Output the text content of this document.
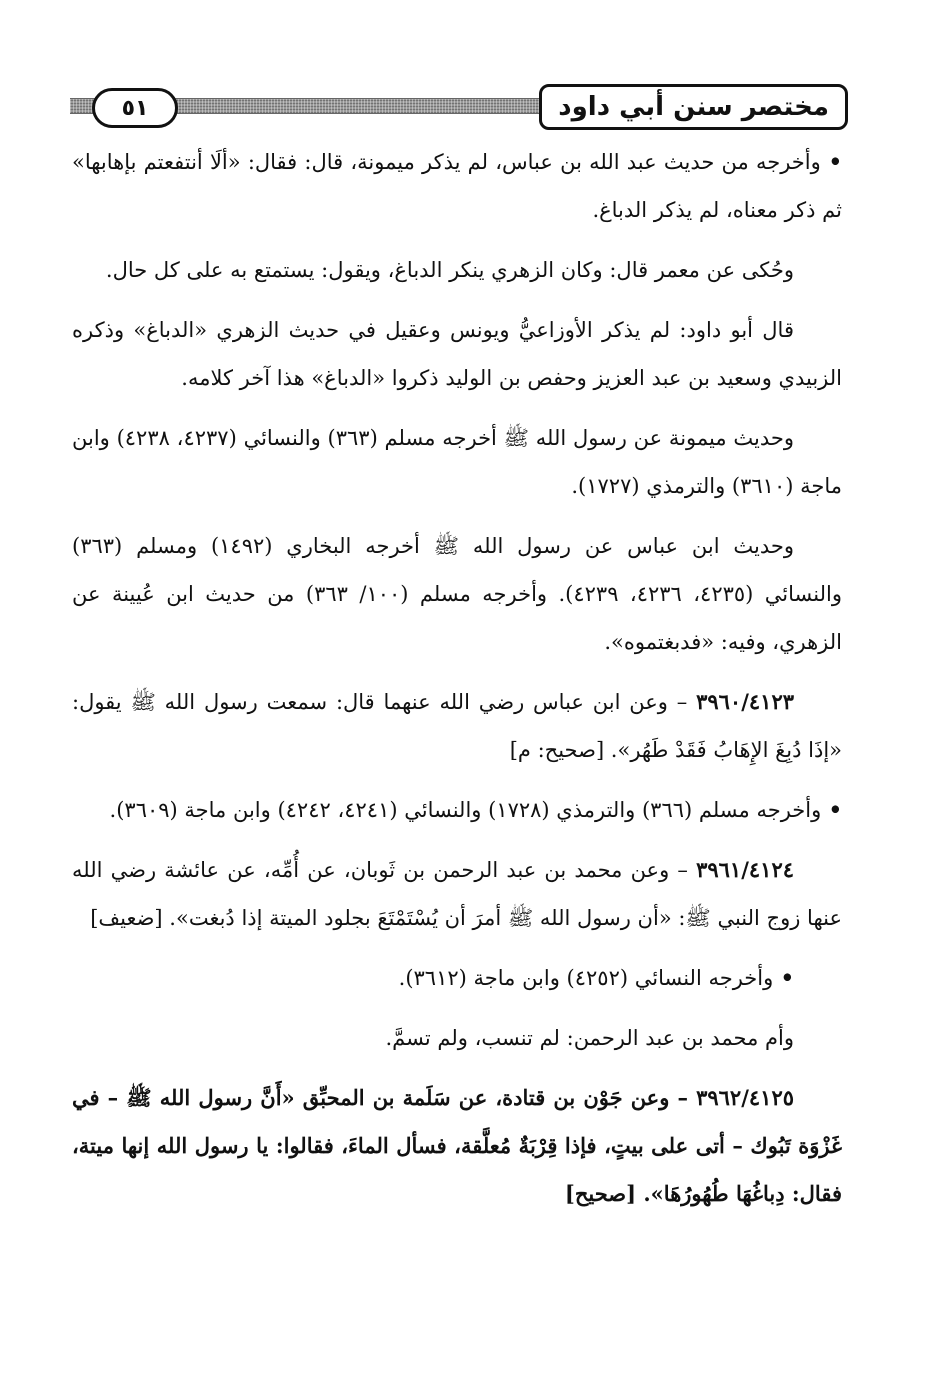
مختصر سنن أبي داود
٥١

• وأخرجه من حديث عبد الله بن عباس، لم يذكر ميمونة، قال: فقال: «ألَا أنتفعتم بإهابها» ثم ذكر معناه، لم يذكر الدباغ.

وحُكى عن معمر قال: وكان الزهري ينكر الدباغ، ويقول: يستمتع به على كل حال.

قال أبو داود: لم يذكر الأوزاعيُّ ويونس وعقيل في حديث الزهري «الدباغ» وذكره الزبيدي وسعيد بن عبد العزيز وحفص بن الوليد ذكروا «الدباغ» هذا آخر كلامه.

وحديث ميمونة عن رسول الله ﷺ أخرجه مسلم (٣٦٣) والنسائي (٤٢٣٧، ٤٢٣٨) وابن ماجة (٣٦١٠) والترمذي (١٧٢٧).

وحديث ابن عباس عن رسول الله ﷺ أخرجه البخاري (١٤٩٢) ومسلم (٣٦٣) والنسائي (٤٢٣٥، ٤٢٣٦، ٤٢٣٩). وأخرجه مسلم (١٠٠/ ٣٦٣) من حديث ابن عُيينة عن الزهري، وفيه: «فدبغتموه».

٣٩٦٠/٤١٢٣ – وعن ابن عباس رضي الله عنهما قال: سمعت رسول الله ﷺ يقول: «إذَا دُبِغَ الإِهَابُ فَقَدْ طَهُر». [صحيح: م]

• وأخرجه مسلم (٣٦٦) والترمذي (١٧٢٨) والنسائي (٤٢٤١، ٤٢٤٢) وابن ماجة (٣٦٠٩).

٣٩٦١/٤١٢٤ – وعن محمد بن عبد الرحمن بن ثَوبان، عن أُمِّه، عن عائشة رضي الله عنها زوج النبي ﷺ: «أن رسول الله ﷺ أمرَ أن يُسْتَمْتَعَ بجلود الميتة إذا دُبغت». [ضعيف]

• وأخرجه النسائي (٤٢٥٢) وابن ماجة (٣٦١٢).

وأم محمد بن عبد الرحمن: لم تنسب، ولم تسمَّ.

٣٩٦٢/٤١٢٥ – وعن جَوْن بن قتادة، عن سَلَمة بن المحبِّق «أَنَّ رسول الله ﷺ – في غَزْوَة تَبُوك – أتى على بيتٍ، فإذا قِرْبَةٌ مُعلَّقة، فسأل الماءَ، فقالوا: يا رسول الله إنها ميتة، فقال: دِباغُهَا طُهُورُهَا». [صحيح]
